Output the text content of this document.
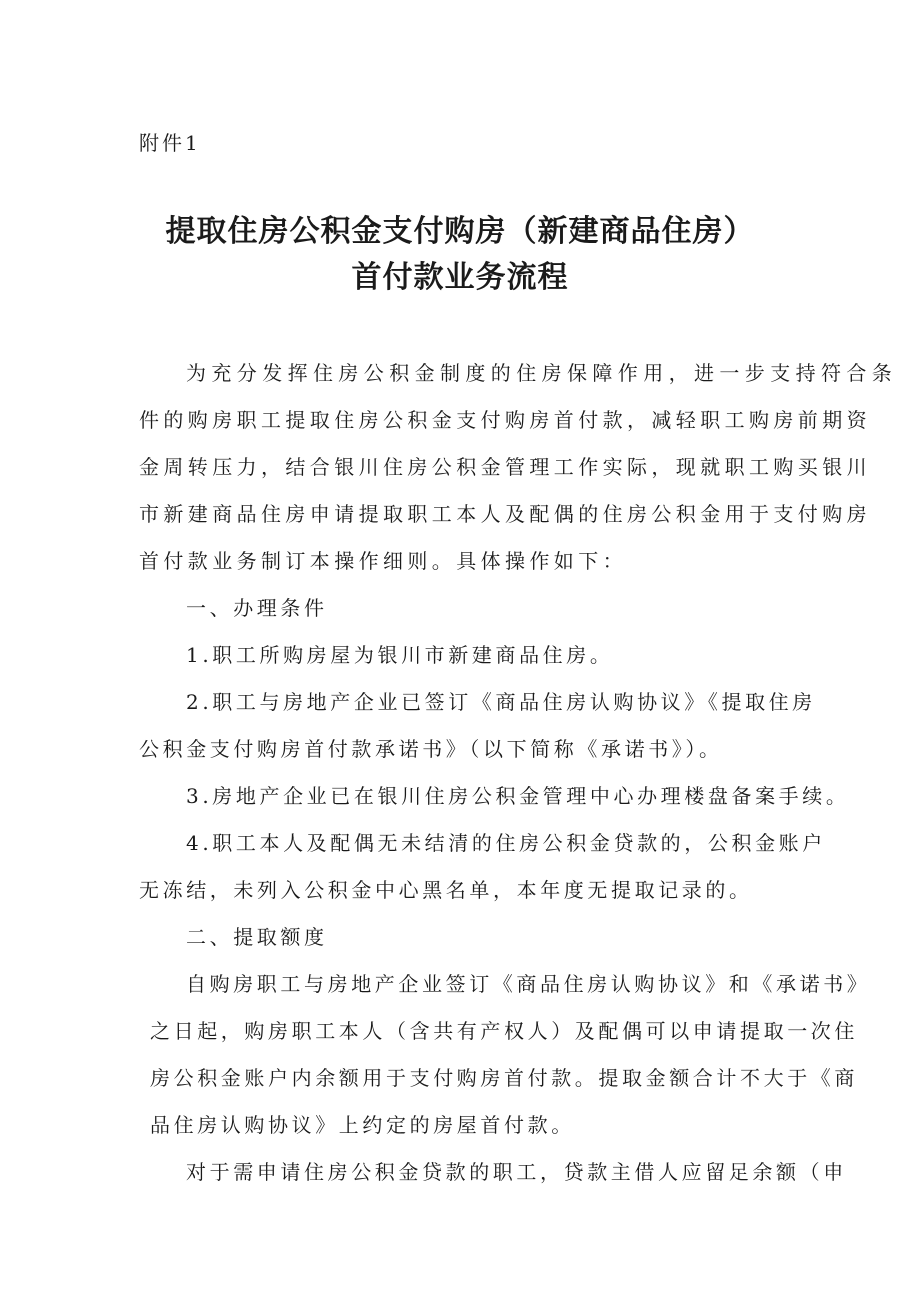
附件1
提取住房公积金支付购房（新建商品住房）
首付款业务流程
为充分发挥住房公积金制度的住房保障作用，进一步支持符合条
件的购房职工提取住房公积金支付购房首付款，减轻职工购房前期资
金周转压力，结合银川住房公积金管理工作实际，现就职工购买银川
市新建商品住房申请提取职工本人及配偶的住房公积金用于支付购房
首付款业务制订本操作细则。具体操作如下：
一、办理条件
1.职工所购房屋为银川市新建商品住房。
2.职工与房地产企业已签订《商品住房认购协议》《提取住房
公积金支付购房首付款承诺书》（以下简称《承诺书》）。
3.房地产企业已在银川住房公积金管理中心办理楼盘备案手续。
4.职工本人及配偶无未结清的住房公积金贷款的，公积金账户
无冻结，未列入公积金中心黑名单，本年度无提取记录的。
二、提取额度
自购房职工与房地产企业签订《商品住房认购协议》和《承诺书》
之日起，购房职工本人（含共有产权人）及配偶可以申请提取一次住
房公积金账户内余额用于支付购房首付款。提取金额合计不大于《商
品住房认购协议》上约定的房屋首付款。
对于需申请住房公积金贷款的职工，贷款主借人应留足余额（申
